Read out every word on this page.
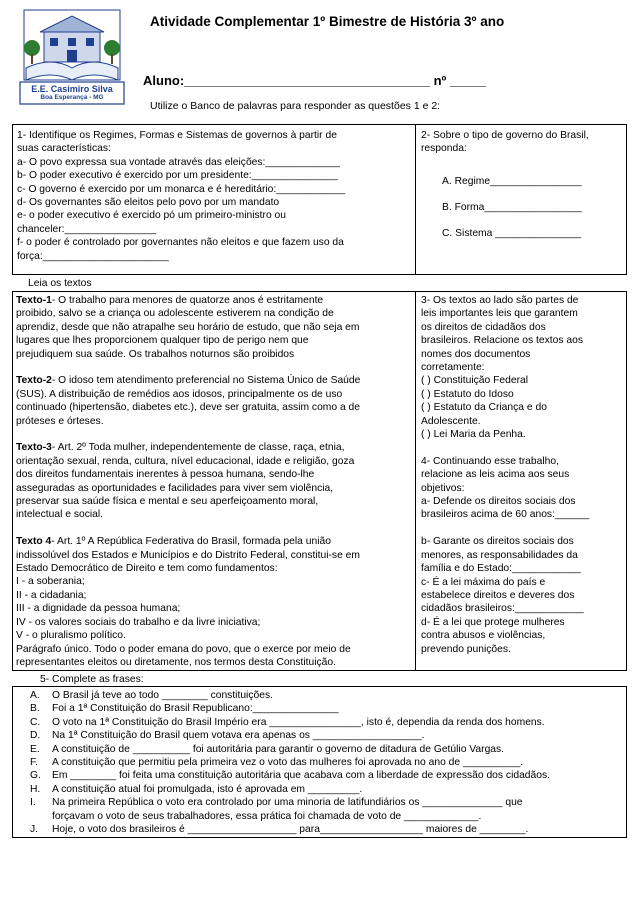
E.E. Casimiro Silva
Boa Esperança - MG
Atividade Complementar 1º Bimestre de História 3º ano
Aluno:__________________________________ nº _____
Utilize o Banco de palavras para responder as questões 1 e 2:
1- Identifique os Regimes, Formas e Sistemas de governos à partir de
suas características:
a- O povo expressa sua vontade através das eleições:_____________
b- O poder executivo é exercido por um presidente:_______________
c- O governo é exercido por um monarca e é hereditário:____________
d- Os governantes são eleitos pelo povo por um mandato
e- o poder executivo é exercido pó um primeiro-ministro ou
chanceler:________________
f- o poder é controlado por governantes não eleitos e que fazem uso da
força:______________________
2- Sobre o tipo de governo do Brasil,
responda:
A. Regime________________
B. Forma_________________
C. Sistema _______________
Leia os textos
Texto-1- O trabalho para menores de quatorze anos é estritamente
proibido, salvo se a criança ou adolescente estiverem na condição de
aprendiz, desde que não atrapalhe seu horário de estudo, que não seja em
lugares que lhes proporcionem qualquer tipo de perigo nem que
prejudiquem sua saúde. Os trabalhos noturnos são proibidos
Texto-2- O idoso tem atendimento preferencial no Sistema Único de Saúde
(SUS). A distribuição de remédios aos idosos, principalmente os de uso
continuado (hipertensão, diabetes etc.), deve ser gratuita, assim como a de
próteses e órteses.
Texto-3- Art. 2º Toda mulher, independentemente de classe, raça, etnia,
orientação sexual, renda, cultura, nível educacional, idade e religião, goza
dos direitos fundamentais inerentes à pessoa humana, sendo-lhe
asseguradas as oportunidades e facilidades para viver sem violência,
preservar sua saúde física e mental e seu aperfeiçoamento moral,
intelectual e social.
Texto 4- Art. 1º A República Federativa do Brasil, formada pela união
indissolúvel dos Estados e Municípios e do Distrito Federal, constitui-se em
Estado Democrático de Direito e tem como fundamentos:
I - a soberania;
II - a cidadania;
III - a dignidade da pessoa humana;
IV - os valores sociais do trabalho e da livre iniciativa;
V - o pluralismo político.
Parágrafo único. Todo o poder emana do povo, que o exerce por meio de
representantes eleitos ou diretamente, nos termos desta Constituição.
3- Os textos ao lado são partes de
leis importantes leis que garantem
os direitos de cidadãos dos
brasileiros. Relacione os textos aos
nomes dos documentos
corretamente:
( ) Constituição Federal
( ) Estatuto do Idoso
( ) Estatuto da Criança e do
Adolescente.
( ) Lei Maria da Penha.
4- Continuando esse trabalho,
relacione as leis acima aos seus
objetivos:
a- Defende os direitos sociais dos
brasileiros acima de 60 anos:______
b- Garante os direitos sociais dos
menores, as responsabilidades da
família e do Estado:____________
c- É a lei máxima do país e
estabelece direitos e deveres dos
cidadãos brasileiros:____________
d- É a lei que protege mulheres
contra abusos e violências,
prevendo punições.
5- Complete as frases:
A.	O Brasil já teve ao todo ________ constituições.
B.	Foi a 1ª Constituição do Brasil Republicano:_______________
C.	O voto na 1ª Constituição do Brasil Império era ________________, isto é, dependia da renda dos homens.
D.	Na 1ª Constituição do Brasil quem votava era apenas os ___________________.
E.	A constituição de __________ foi autoritária para garantir o governo de ditadura de Getúlio Vargas.
F.	A constituição que permitiu pela primeira vez o voto das mulheres foi aprovada no ano de __________.
G.	Em ________ foi feita uma constituição autoritária que acabava com a liberdade de expressão dos cidadãos.
H.	A constituição atual foi promulgada, isto é aprovada em _________.
I.	Na primeira República o voto era controlado por uma minoria de latifundiários os ______________ que
forçavam o voto de seus trabalhadores, essa prática foi chamada de voto de _____________.
J.	Hoje, o voto dos brasileiros é ___________________ para__________________ maiores de ________.
